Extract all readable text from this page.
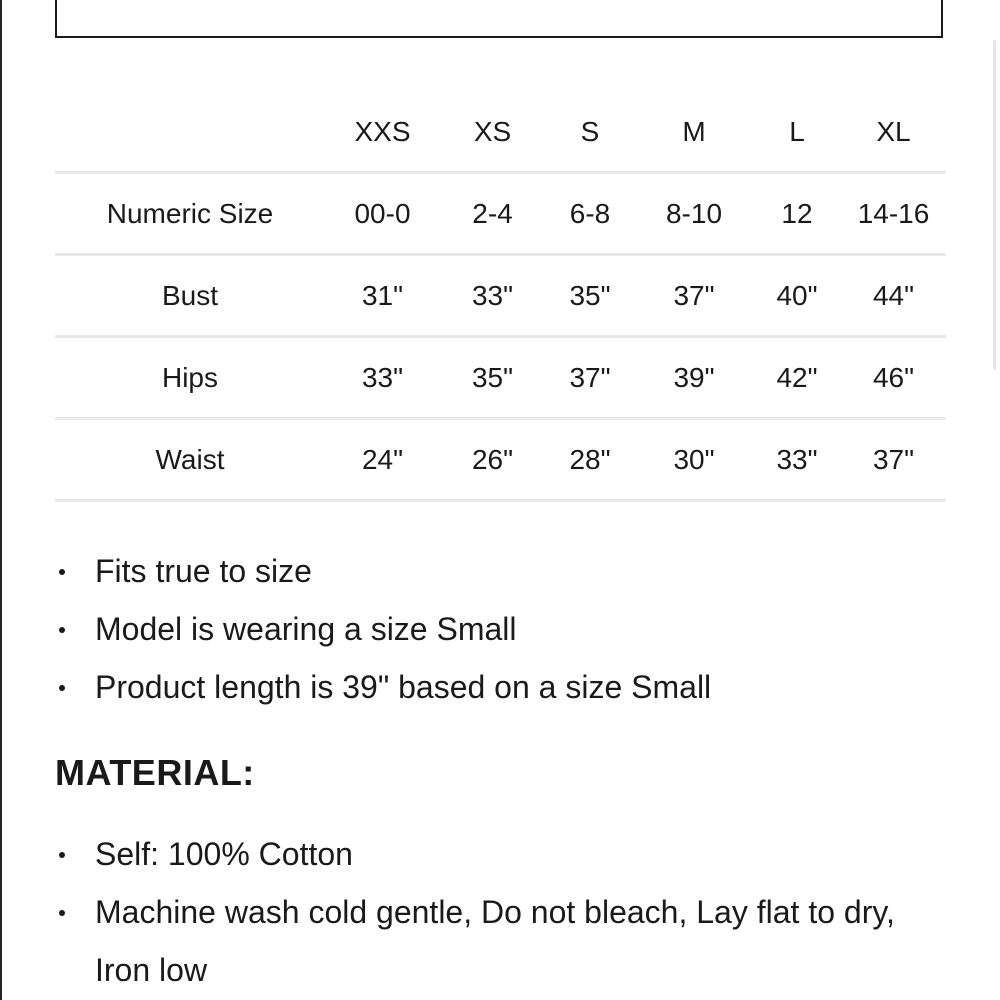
	XXS	XS	S	M	L	XL
Numeric Size	00-0	2-4	6-8	8-10	12	14-16
Bust	31"	33"	35"	37"	40"	44"
Hips	33"	35"	37"	39"	42"	46"
Waist	24"	26"	28"	30"	33"	37"
Fits true to size
Model is wearing a size Small
Product length is 39" based on a size Small
MATERIAL:
Self: 100% Cotton
Machine wash cold gentle, Do not bleach, Lay flat to dry, Iron low
